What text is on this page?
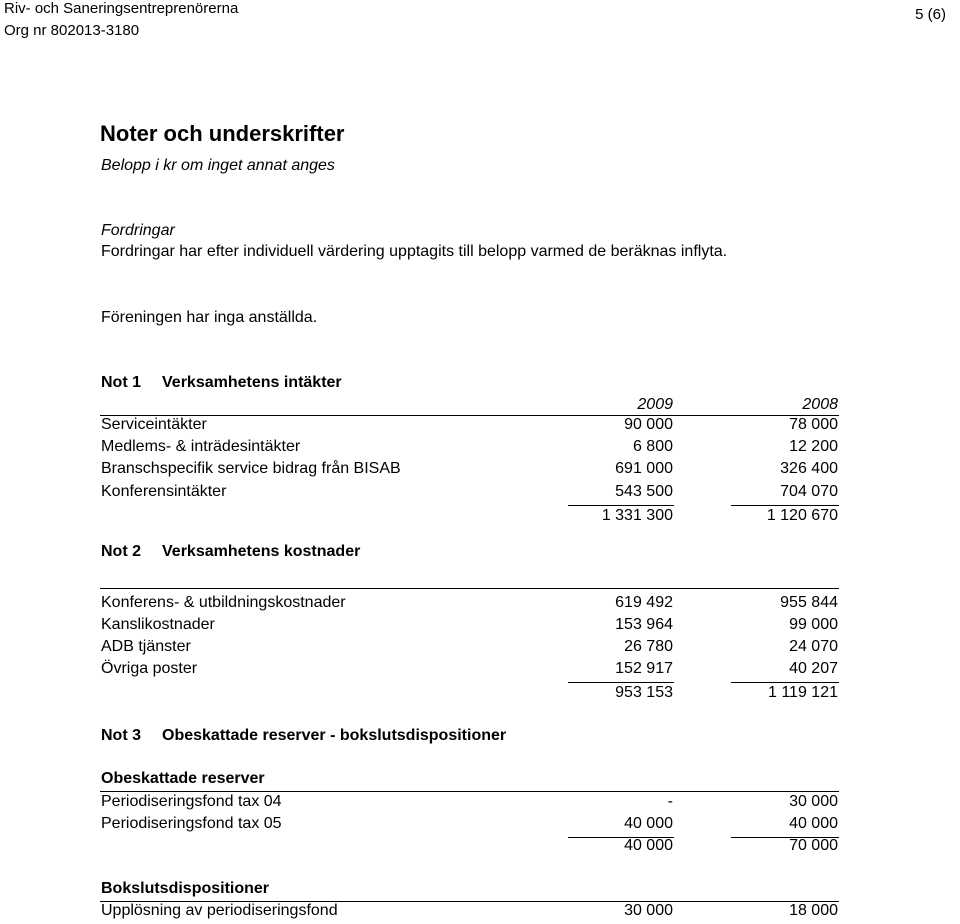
Riv- och Saneringsentreprenörerna
Org nr 802013-3180
5 (6)
Noter och underskrifter
Belopp i kr om inget annat anges
Fordringar
Fordringar har efter individuell värdering upptagits till belopp varmed de beräknas inflyta.
Föreningen har inga anställda.
Not 1 Verksamhetens intäkter
2009	2008
Serviceintäkter	90 000	78 000
Medlems- & inträdesintäkter	6 800	12 200
Branschspecifik service bidrag från BISAB	691 000	326 400
Konferensintäkter	543 500	704 070
1 331 300	1 120 670
Not 2 Verksamhetens kostnader
Konferens- & utbildningskostnader	619 492	955 844
Kanslikostnader	153 964	99 000
ADB tjänster	26 780	24 070
Övriga poster	152 917	40 207
953 153	1 119 121
Not 3 Obeskattade reserver - bokslutsdispositioner
Obeskattade reserver
Periodiseringsfond tax 04	-	30 000
Periodiseringsfond tax 05	40 000	40 000
40 000	70 000
Bokslutsdispositioner
Upplösning av periodiseringsfond	30 000	18 000
